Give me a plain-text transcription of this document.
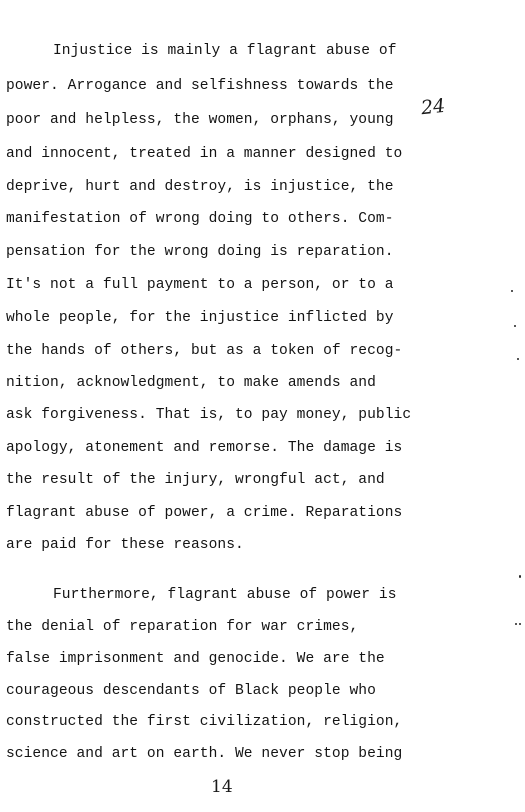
Injustice is mainly a flagrant abuse of
power. Arrogance and selfishness towards the
poor and helpless, the women, orphans, young
and innocent, treated in a manner designed to
deprive, hurt and destroy, is injustice, the
manifestation of wrong doing to others. Com-
pensation for the wrong doing is reparation.
It's not a full payment to a person, or to a
whole people, for the injustice inflicted by
the hands of others, but as a token of recog-
nition, acknowledgment, to make amends and
ask forgiveness. That is, to pay money, public
apology, atonement and remorse. The damage is
the result of the injury, wrongful act, and
flagrant abuse of power, a crime. Reparations
are paid for these reasons.
Furthermore, flagrant abuse of power is
the denial of reparation for war crimes,
false imprisonment and genocide. We are the
courageous descendants of Black people who
constructed the first civilization, religion,
science and art on earth. We never stop being
24
14
